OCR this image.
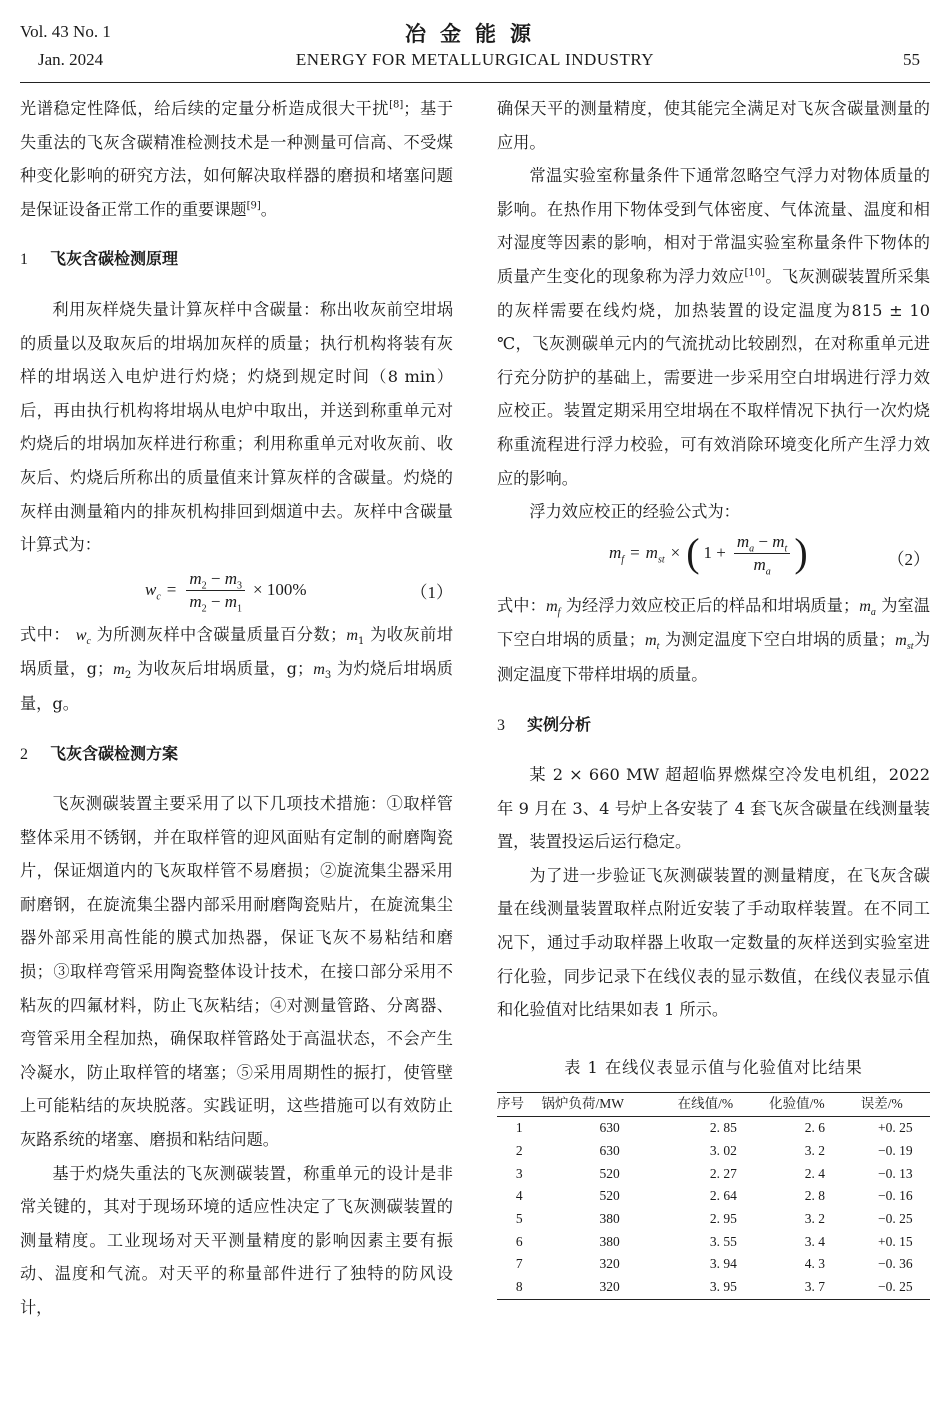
Vol. 43 No. 1
Jan. 2024
冶金能源
ENERGY FOR METALLURGICAL INDUSTRY	55

光谱稳定性降低，给后续的定量分析造成很大干扰[8]；基于失重法的飞灰含碳精准检测技术是一种测量可信高、不受煤种变化影响的研究方法，如何解决取样器的磨损和堵塞问题是保证设备正常工作的重要课题[9]。

1 飞灰含碳检测原理

利用灰样烧失量计算灰样中含碳量：称出收灰前空坩埚的质量以及取灰后的坩埚加灰样的质量；执行机构将装有灰样的坩埚送入电炉进行灼烧；灼烧到规定时间（8 min）后，再由执行机构将坩埚从电炉中取出，并送到称重单元对灼烧后的坩埚加灰样进行称重；利用称重单元对收灰前、收灰后、灼烧后所称出的质量值来计算灰样的含碳量。灼烧的灰样由测量箱内的排灰机构排回到烟道中去。灰样中含碳量计算式为：

$w_c = \frac{m_2 - m_3}{m_2 - m_1} \times 100\%$	（1）

式中： $w_c$ 为所测灰样中含碳量质量百分数；$m_1$ 为收灰前坩埚质量，g；$m_2$ 为收灰后坩埚质量，g；$m_3$ 为灼烧后坩埚质量，g。

2 飞灰含碳检测方案

飞灰测碳装置主要采用了以下几项技术措施：①取样管整体采用不锈钢，并在取样管的迎风面贴有定制的耐磨陶瓷片，保证烟道内的飞灰取样管不易磨损；②旋流集尘器采用耐磨钢，在旋流集尘器内部采用耐磨陶瓷贴片，在旋流集尘器外部采用高性能的膜式加热器，保证飞灰不易粘结和磨损；③取样弯管采用陶瓷整体设计技术，在接口部分采用不粘灰的四氟材料，防止飞灰粘结；④对测量管路、分离器、弯管采用全程加热，确保取样管路处于高温状态，不会产生冷凝水，防止取样管的堵塞；⑤采用周期性的振打，使管壁上可能粘结的灰块脱落。实践证明，这些措施可以有效防止灰路系统的堵塞、磨损和粘结问题。

基于灼烧失重法的飞灰测碳装置，称重单元的设计是非常关键的，其对于现场环境的适应性决定了飞灰测碳装置的测量精度。工业现场对天平测量精度的影响因素主要有振动、温度和气流。对天平的称量部件进行了独特的防风设计，

确保天平的测量精度，使其能完全满足对飞灰含碳量测量的应用。

常温实验室称量条件下通常忽略空气浮力对物体质量的影响。在热作用下物体受到气体密度、气体流量、温度和相对湿度等因素的影响，相对于常温实验室称量条件下物体的质量产生变化的现象称为浮力效应[10]。飞灰测碳装置所采集的灰样需要在线灼烧，加热装置的设定温度为815 ± 10 ℃，飞灰测碳单元内的气流扰动比较剧烈，在对称重单元进行充分防护的基础上，需要进一步采用空白坩埚进行浮力效应校正。装置定期采用空坩埚在不取样情况下执行一次灼烧称重流程进行浮力校验，可有效消除环境变化所产生浮力效应的影响。

浮力效应校正的经验公式为：

$m_f = m_{st}$ × ( $1 + \frac{m_a - m_t}{m_a}$ )	（2）

式中：$m_f$ 为经浮力效应校正后的样品和坩埚质量；$m_a$ 为室温下空白坩埚的质量；$m_t$ 为测定温度下空白坩埚的质量；$m_{st}$为测定温度下带样坩埚的质量。

3 实例分析

某 2 × 660 MW 超超临界燃煤空冷发电机组，2022 年 9 月在 3、4 号炉上各安装了 4 套飞灰含碳量在线测量装置，装置投运后运行稳定。

为了进一步验证飞灰测碳装置的测量精度，在飞灰含碳量在线测量装置取样点附近安装了手动取样装置。在不同工况下，通过手动取样器上收取一定数量的灰样送到实验室进行化验，同步记录下在线仪表的显示数值，在线仪表显示值和化验值对比结果如表 1 所示。

表 1 在线仪表显示值与化验值对比结果

序号	锅炉负荷/MW	在线值/%	化验值/%	误差/%
1	630	2. 85	2. 6	+0. 25
2	630	3. 02	3. 2	−0. 19
3	520	2. 27	2. 4	−0. 13
4	520	2. 64	2. 8	−0. 16
5	380	2. 95	3. 2	−0. 25
6	380	3. 55	3. 4	+0. 15
7	320	3. 94	4. 3	−0. 36
8	320	3. 95	3. 7	−0. 25
